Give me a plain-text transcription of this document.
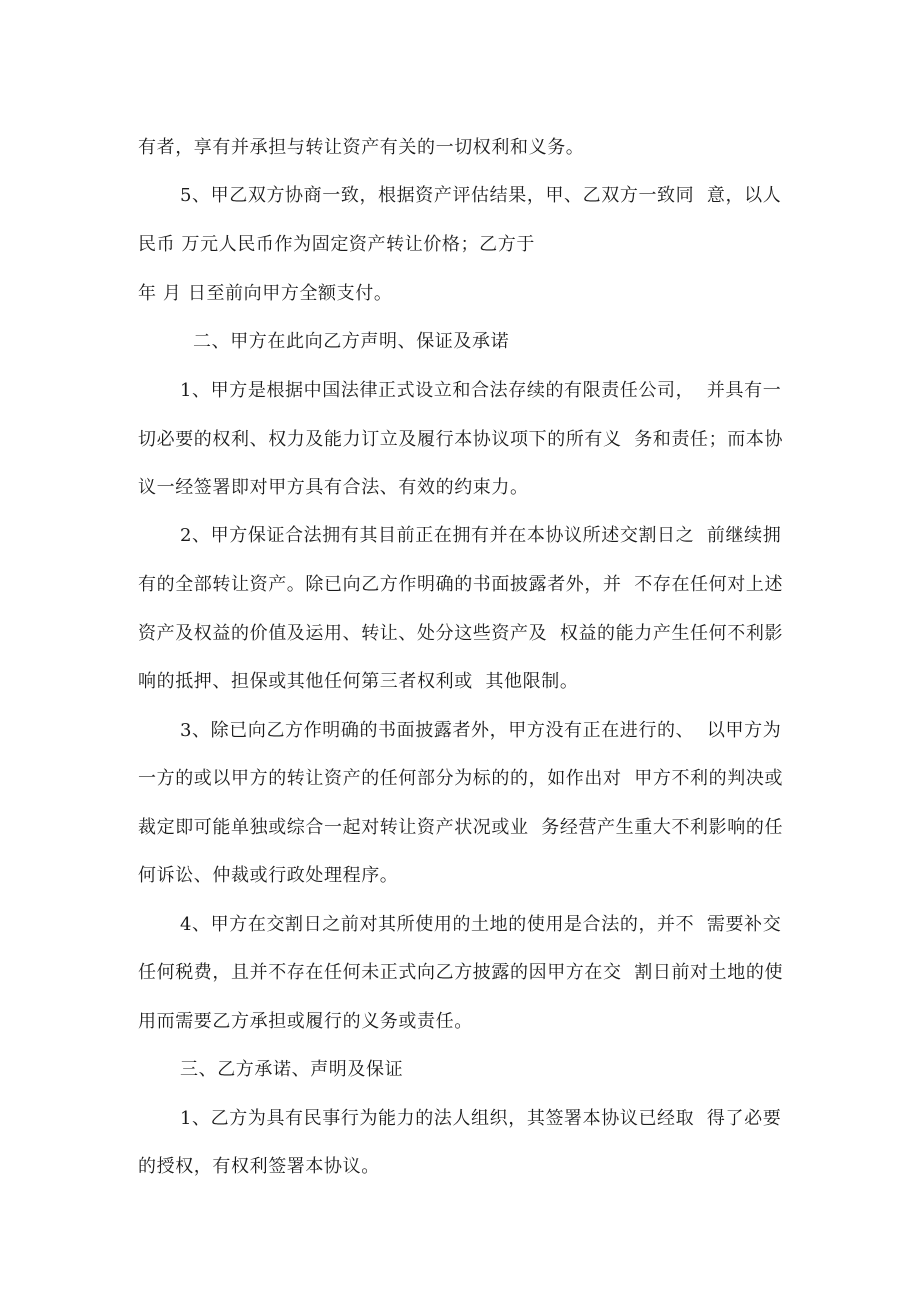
有者，享有并承担与转让资产有关的一切权利和义务。
5、甲乙双方协商一致，根据资产评估结果，甲、乙双方一致同  意，以人
民币 万元人民币作为固定资产转让价格；乙方于
年 月 日至前向甲方全额支付。
二、甲方在此向乙方声明、保证及承诺
1、甲方是根据中国法律正式设立和合法存续的有限责任公司，  并具有一
切必要的权利、权力及能力订立及履行本协议项下的所有义  务和责任；而本协
议一经签署即对甲方具有合法、有效的约束力。
2、甲方保证合法拥有其目前正在拥有并在本协议所述交割日之  前继续拥
有的全部转让资产。除已向乙方作明确的书面披露者外，并  不存在任何对上述
资产及权益的价值及运用、转让、处分这些资产及  权益的能力产生任何不利影
响的抵押、担保或其他任何第三者权利或  其他限制。
3、除已向乙方作明确的书面披露者外，甲方没有正在进行的、  以甲方为
一方的或以甲方的转让资产的任何部分为标的的，如作出对  甲方不利的判决或
裁定即可能单独或综合一起对转让资产状况或业  务经营产生重大不利影响的任
何诉讼、仲裁或行政处理程序。
4、甲方在交割日之前对其所使用的土地的使用是合法的，并不  需要补交
任何税费，且并不存在任何未正式向乙方披露的因甲方在交  割日前对土地的使
用而需要乙方承担或履行的义务或责任。
三、乙方承诺、声明及保证
1、乙方为具有民事行为能力的法人组织，其签署本协议已经取  得了必要
的授权，有权利签署本协议。
